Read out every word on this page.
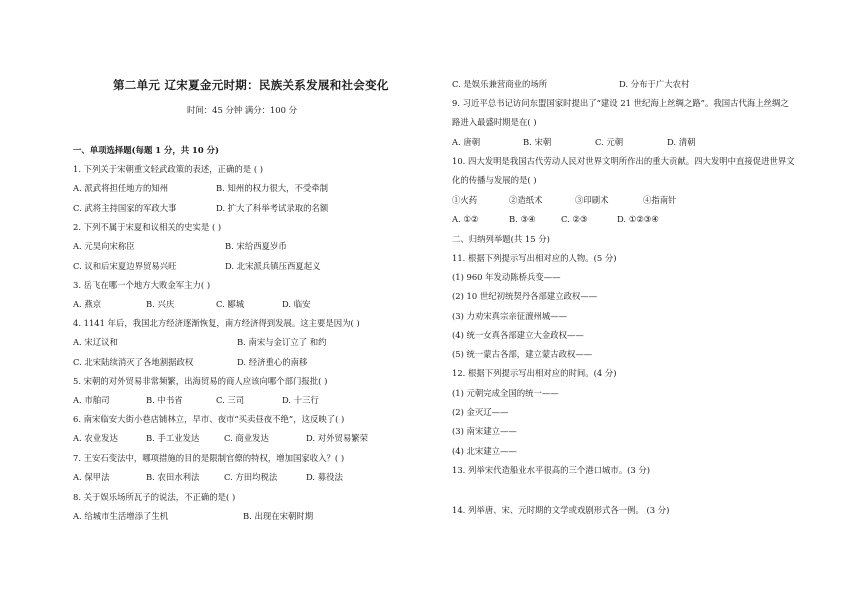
第二单元 辽宋夏金元时期：民族关系发展和社会变化
时间：45 分钟 满分：100 分
一、单项选择题(每题 1 分，共 10 分)
1. 下列关于宋朝重文轻武政策的表述，正确的是 ( )
A. 派武将担任地方的知州	B. 知州的权力很大，不受牵制
C. 武将主持国家的军政大事	D. 扩大了科举考试录取的名额
2. 下列不属于宋夏和议相关的史实是 ( )
A. 元昊向宋称臣	B. 宋给西夏岁币
C. 议和后宋夏边界贸易兴旺	D. 北宋派兵镇压西夏起义
3. 岳飞在哪一个地方大败金军主力( )
A. 燕京	B. 兴庆	C. 郾城	D. 临安
4. 1141 年后，我国北方经济逐渐恢复，南方经济得到发展。这主要是因为( )
A. 宋辽议和	B. 南宋与金订立了 和约
C. 北宋陆续消灭了各地割据政权	D. 经济重心的南移
5. 宋朝的对外贸易非常频繁，出海贸易的商人应该向哪个部门报批( )
A. 市舶司	B. 中书省	C. 三司	D. 十三行
6. 南宋临安大街小巷店铺林立，早市、夜市“买卖昼夜不绝”，这反映了( )
A. 农业发达	B. 手工业发达	C. 商业发达	D. 对外贸易繁荣
7. 王安石变法中，哪项措施的目的是限制官僚的特权，增加国家收入？( )
A. 保甲法	B. 农田水利法	C. 方田均税法	D. 募役法
8. 关于娱乐场所瓦子的说法，不正确的是( )
A. 给城市生活增添了生机	B. 出现在宋朝时期
C. 是娱乐兼营商业的场所	D. 分布于广大农村
9. 习近平总书记访问东盟国家时提出了“建设 21 世纪海上丝绸之路”。我国古代海上丝绸之
路进入最盛时期是在( )
A. 唐朝	B. 宋朝	C. 元朝	D. 清朝
10. 四大发明是我国古代劳动人民对世界文明所作出的重大贡献。四大发明中直接促进世界文
化的传播与发展的是( )
①火药	②造纸术	③印刷术	④指南针
A. ①②	B. ③④	C. ②③	D. ①②③④
二、归纳列举题(共 15 分)
11. 根据下列提示写出相对应的人物。(5 分)
(1) 960 年发动陈桥兵变——
(2) 10 世纪初统契丹各部建立政权——
(3) 力劝宋真宗亲征澶州城——
(4) 统一女真各部建立大金政权——
(5) 统一蒙古各部，建立蒙古政权——
12. 根据下列提示写出相对应的时间。(4 分)
(1) 元朝完成全国的统一——
(2) 金灭辽——
(3) 南宋建立——
(4) 北宋建立——
13. 列举宋代造船业水平很高的三个港口城市。(3 分)
14. 列举唐、宋、元时期的文学或戏剧形式各一例。 (3 分)
